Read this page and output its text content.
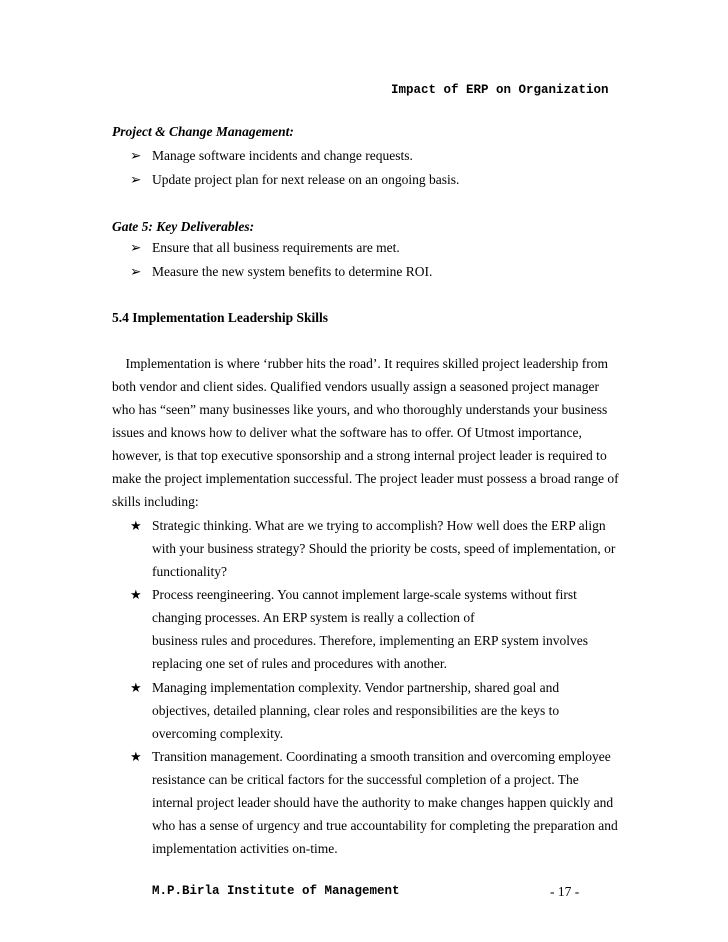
Impact of ERP on Organization
Project & Change Management:
➢ Manage software incidents and change requests.
➢ Update project plan for next release on an ongoing basis.
Gate 5: Key Deliverables:
➢ Ensure that all business requirements are met.
➢ Measure the new system benefits to determine ROI.
5.4 Implementation Leadership Skills
Implementation is where ‘rubber hits the road’. It requires skilled project leadership from
both vendor and client sides. Qualified vendors usually assign a seasoned project manager
who has “seen” many businesses like yours, and who thoroughly understands your business
issues and knows how to deliver what the software has to offer. Of Utmost importance,
however, is that top executive sponsorship and a strong internal project leader is required to
make the project implementation successful. The project leader must possess a broad range of
skills including:
★ Strategic thinking. What are we trying to accomplish? How well does the ERP align
with your business strategy? Should the priority be costs, speed of implementation, or
functionality?
★ Process reengineering. You cannot implement large-scale systems without first
changing processes. An ERP system is really a collection of
business rules and procedures. Therefore, implementing an ERP system involves
replacing one set of rules and procedures with another.
★ Managing implementation complexity. Vendor partnership, shared goal and
objectives, detailed planning, clear roles and responsibilities are the keys to
overcoming complexity.
★ Transition management. Coordinating a smooth transition and overcoming employee
resistance can be critical factors for the successful completion of a project. The
internal project leader should have the authority to make changes happen quickly and
who has a sense of urgency and true accountability for completing the preparation and
implementation activities on-time.
M.P.Birla Institute of Management	- 17 -
